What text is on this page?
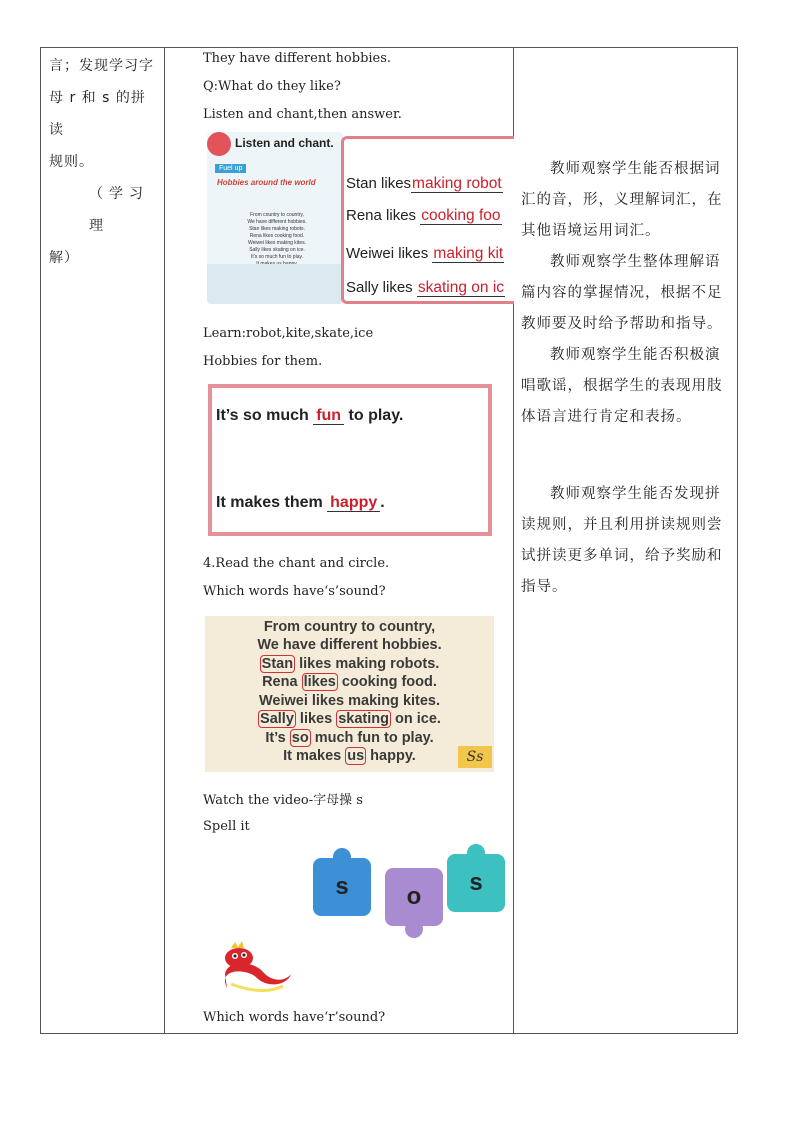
言；发现学习字
母 r 和 s 的拼读
规则。
（学习理
解）
They have different hobbies.
Q:What do they like?
Listen and chant,then answer.
Listen and chant.
Fuel up
Hobbies around the world
From country to country,
We have different hobbies.
Stan likes making robots.
Rena likes cooking food.
Weiwei likes making kites.
Sally likes skating on ice.
It's so much fun to play.
Stan likesmaking robot
Rena likes cooking foo
Weiwei likes making kit
Sally likes skating on ic
Learn:robot,kite,skate,ice
Hobbies for them.
It’s so much fun to play.
It makes them happy .
4.Read the chant and circle.
Which words have‘s’sound?
From country to country,
We have different hobbies.
Stan likes making robots.
Rena likes cooking food.
Weiwei likes making kites.
Sally likes skating on ice.
It’s so much fun to play.
It makes us happy.	Ss
Watch the video-字母操 s
Spell it
s o
s
Which words have‘r’sound?

教师观察学生能否根据词汇的音，形，义理解词汇，在其他语境运用词汇。

教师观察学生整体理解语篇内容的掌握情况，根据不足教师要及时给予帮助和指导。

教师观察学生能否积极演唱歌谣，根据学生的表现用肢体语言进行肯定和表扬。

教师观察学生能否发现拼读规则，并且利用拼读规则尝试拼读更多单词，给予奖励和指导。
